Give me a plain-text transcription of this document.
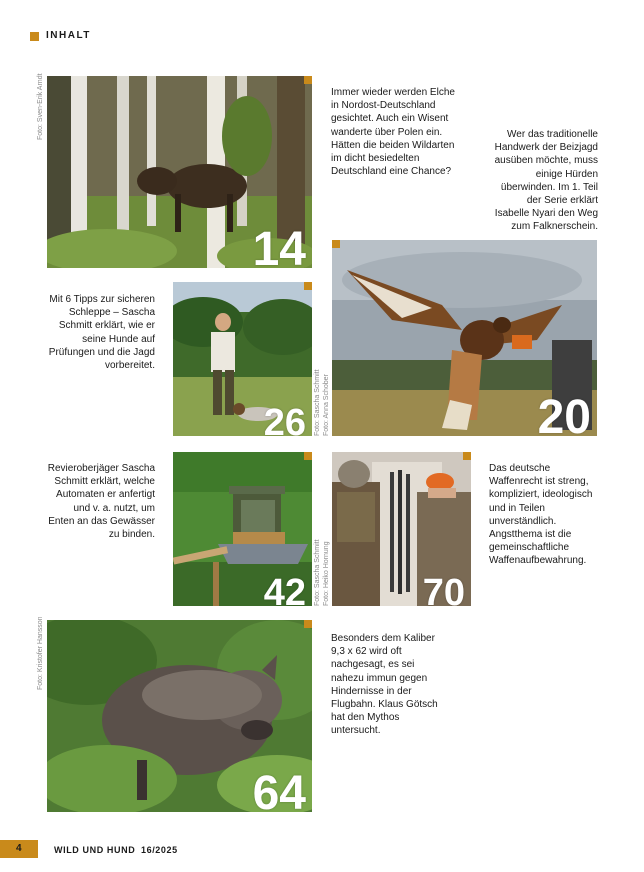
INHALT
14
Foto: Sven-Erik Arndt	Immer wieder werden Elche
in Nordost-Deutschland
gesichtet. Auch ein Wisent
wanderte über Polen ein.
Hätten die beiden Wildarten
im dicht besiedelten
Deutschland eine Chance?
Wer das traditionelle
Handwerk der Beizjagd
ausüben möchte, muss
einige Hürden
überwinden. Im 1. Teil
der Serie erklärt
Isabelle Nyari den Weg
zum Falknerschein.
Mit 6 Tipps zur sicheren
Schleppe – Sascha
Schmitt erklärt, wie er
seine Hunde auf
Prüfungen und die Jagd
vorbereitet.
26 Foto: Sascha Schmitt Foto: Anna Schober	20
Revieroberjäger Sascha
Schmitt erklärt, welche
Automaten er anfertigt
und v. a. nutzt, um
Enten an das Gewässer
zu binden.
42 Foto: Sascha Schmitt Foto: Heiko Hornung 70
Das deutsche
Waffenrecht ist streng,
kompliziert, ideologisch
und in Teilen
unverständlich.
Angstthema ist die
gemeinschaftliche
Waffenaufbewahrung.
64
Foto: Kristofer Hansson	Besonders dem Kaliber
9,3 x 62 wird oft
nachgesagt, es sei
nahezu immun gegen
Hindernisse in der
Flugbahn. Klaus Götsch
hat den Mythos
untersucht.
4	WILD UND HUND 16/2025
